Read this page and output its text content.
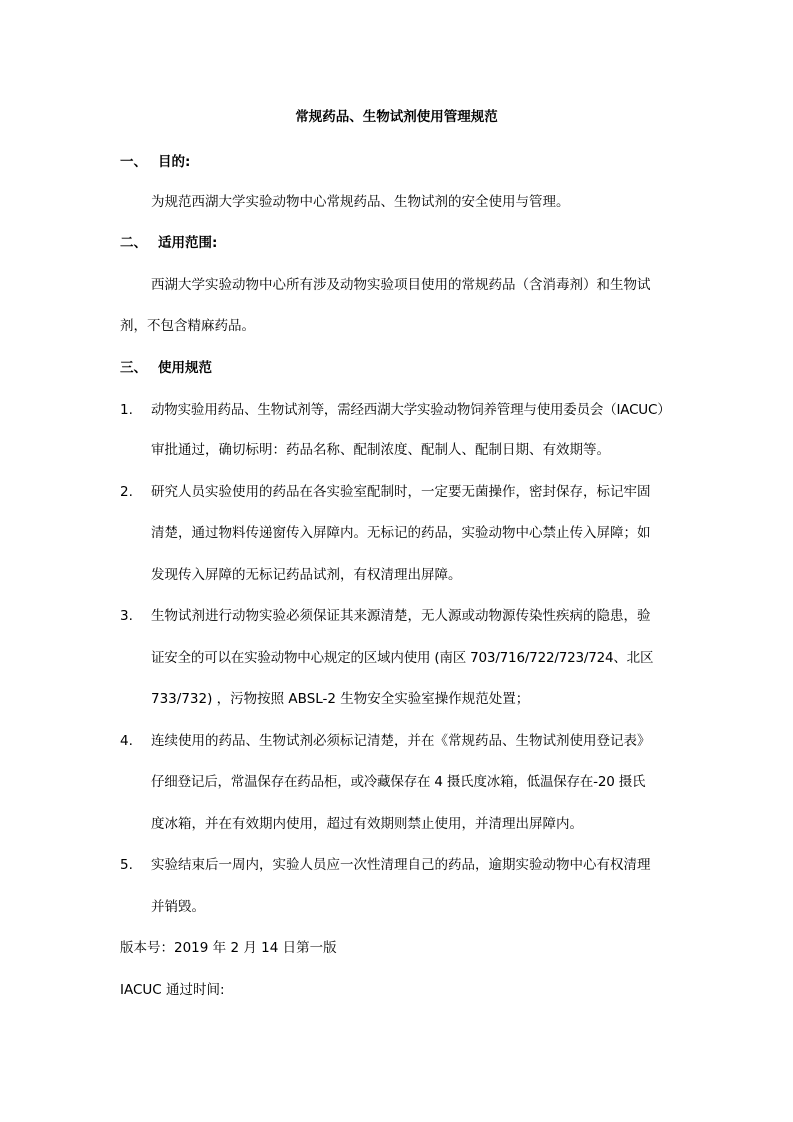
常规药品、生物试剂使用管理规范
一、 目的:
为规范西湖大学实验动物中心常规药品、生物试剂的安全使用与管理。
二、 适用范围:
西湖大学实验动物中心所有涉及动物实验项目使用的常规药品（含消毒剂）和生物试
剂，不包含精麻药品。
三、 使用规范
1. 动物实验用药品、生物试剂等，需经西湖大学实验动物饲养管理与使用委员会（IACUC）
审批通过，确切标明：药品名称、配制浓度、配制人、配制日期、有效期等。
2. 研究人员实验使用的药品在各实验室配制时，一定要无菌操作，密封保存，标记牢固
清楚，通过物料传递窗传入屏障内。无标记的药品，实验动物中心禁止传入屏障；如
发现传入屏障的无标记药品试剂，有权清理出屏障。
3. 生物试剂进行动物实验必须保证其来源清楚，无人源或动物源传染性疾病的隐患，验
证安全的可以在实验动物中心规定的区域内使用 (南区 703/716/722/723/724、北区
733/732) ，污物按照 ABSL-2 生物安全实验室操作规范处置；
4. 连续使用的药品、生物试剂必须标记清楚，并在《常规药品、生物试剂使用登记表》
仔细登记后，常温保存在药品柜，或冷藏保存在 4 摄氏度冰箱，低温保存在-20 摄氏
度冰箱，并在有效期内使用，超过有效期则禁止使用，并清理出屏障内。
5. 实验结束后一周内，实验人员应一次性清理自己的药品，逾期实验动物中心有权清理
并销毁。
版本号：2019 年 2 月 14 日第一版
IACUC 通过时间:
